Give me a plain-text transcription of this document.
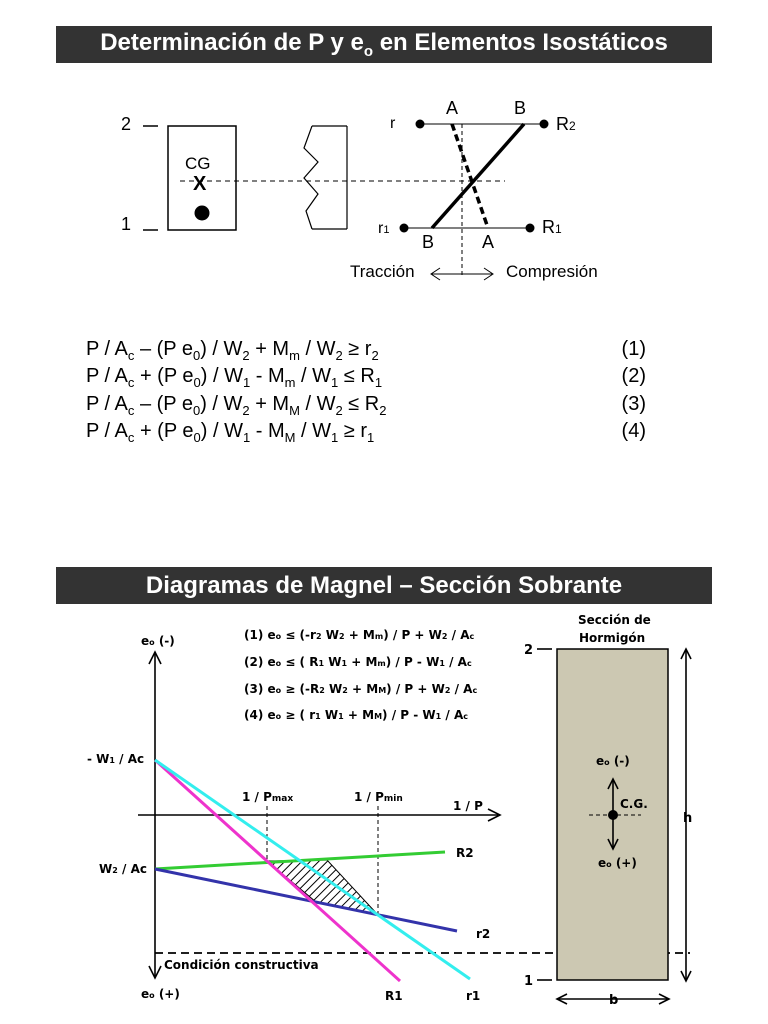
Determinación de P y $e_o$ en Elementos Isostáticos
2
1
CG
X
r	R2
r1	R1
A	B
B	A
Tracción	Compresión
P / $A_c - (P$ $e_0) / W_2 + M_m / W_2 \ge r_2$	(1)
$P / A_c + (P$ $e_0) / W_1 - M_m / W_1 \le R_1$	(2)
P / $A_c - (P$ $e_0) / W_2 + M_M / W_2 \le R_2$	(3)
$P / A_c + (P$ $e_0) / W_1 - M_M / W_1 \ge r_1$	(4)
Diagramas de Magnel – Sección Sobrante
eo (-)
eo (+)
1 / P
- W1 / Ac
W2 / Ac
1 / Pmax	1 / Pmin
Condición constructiva
R2
r2
R1	r1
(1) eo ≤ (-r2 W2 + Mm) / P + W2 / Ac
(2) eo ≤ ( R1 W1 + Mm) / P - W1 / Ac
(3) eo ≥ (-R2 W2 + MM) / P + W2 / Ac
(4) eo ≥ ( r1 W1 + MM) / P - W1 / Ac
Sección de
Hormigón
2
1
eo (-)
C.G.
eo (+)
h
b
